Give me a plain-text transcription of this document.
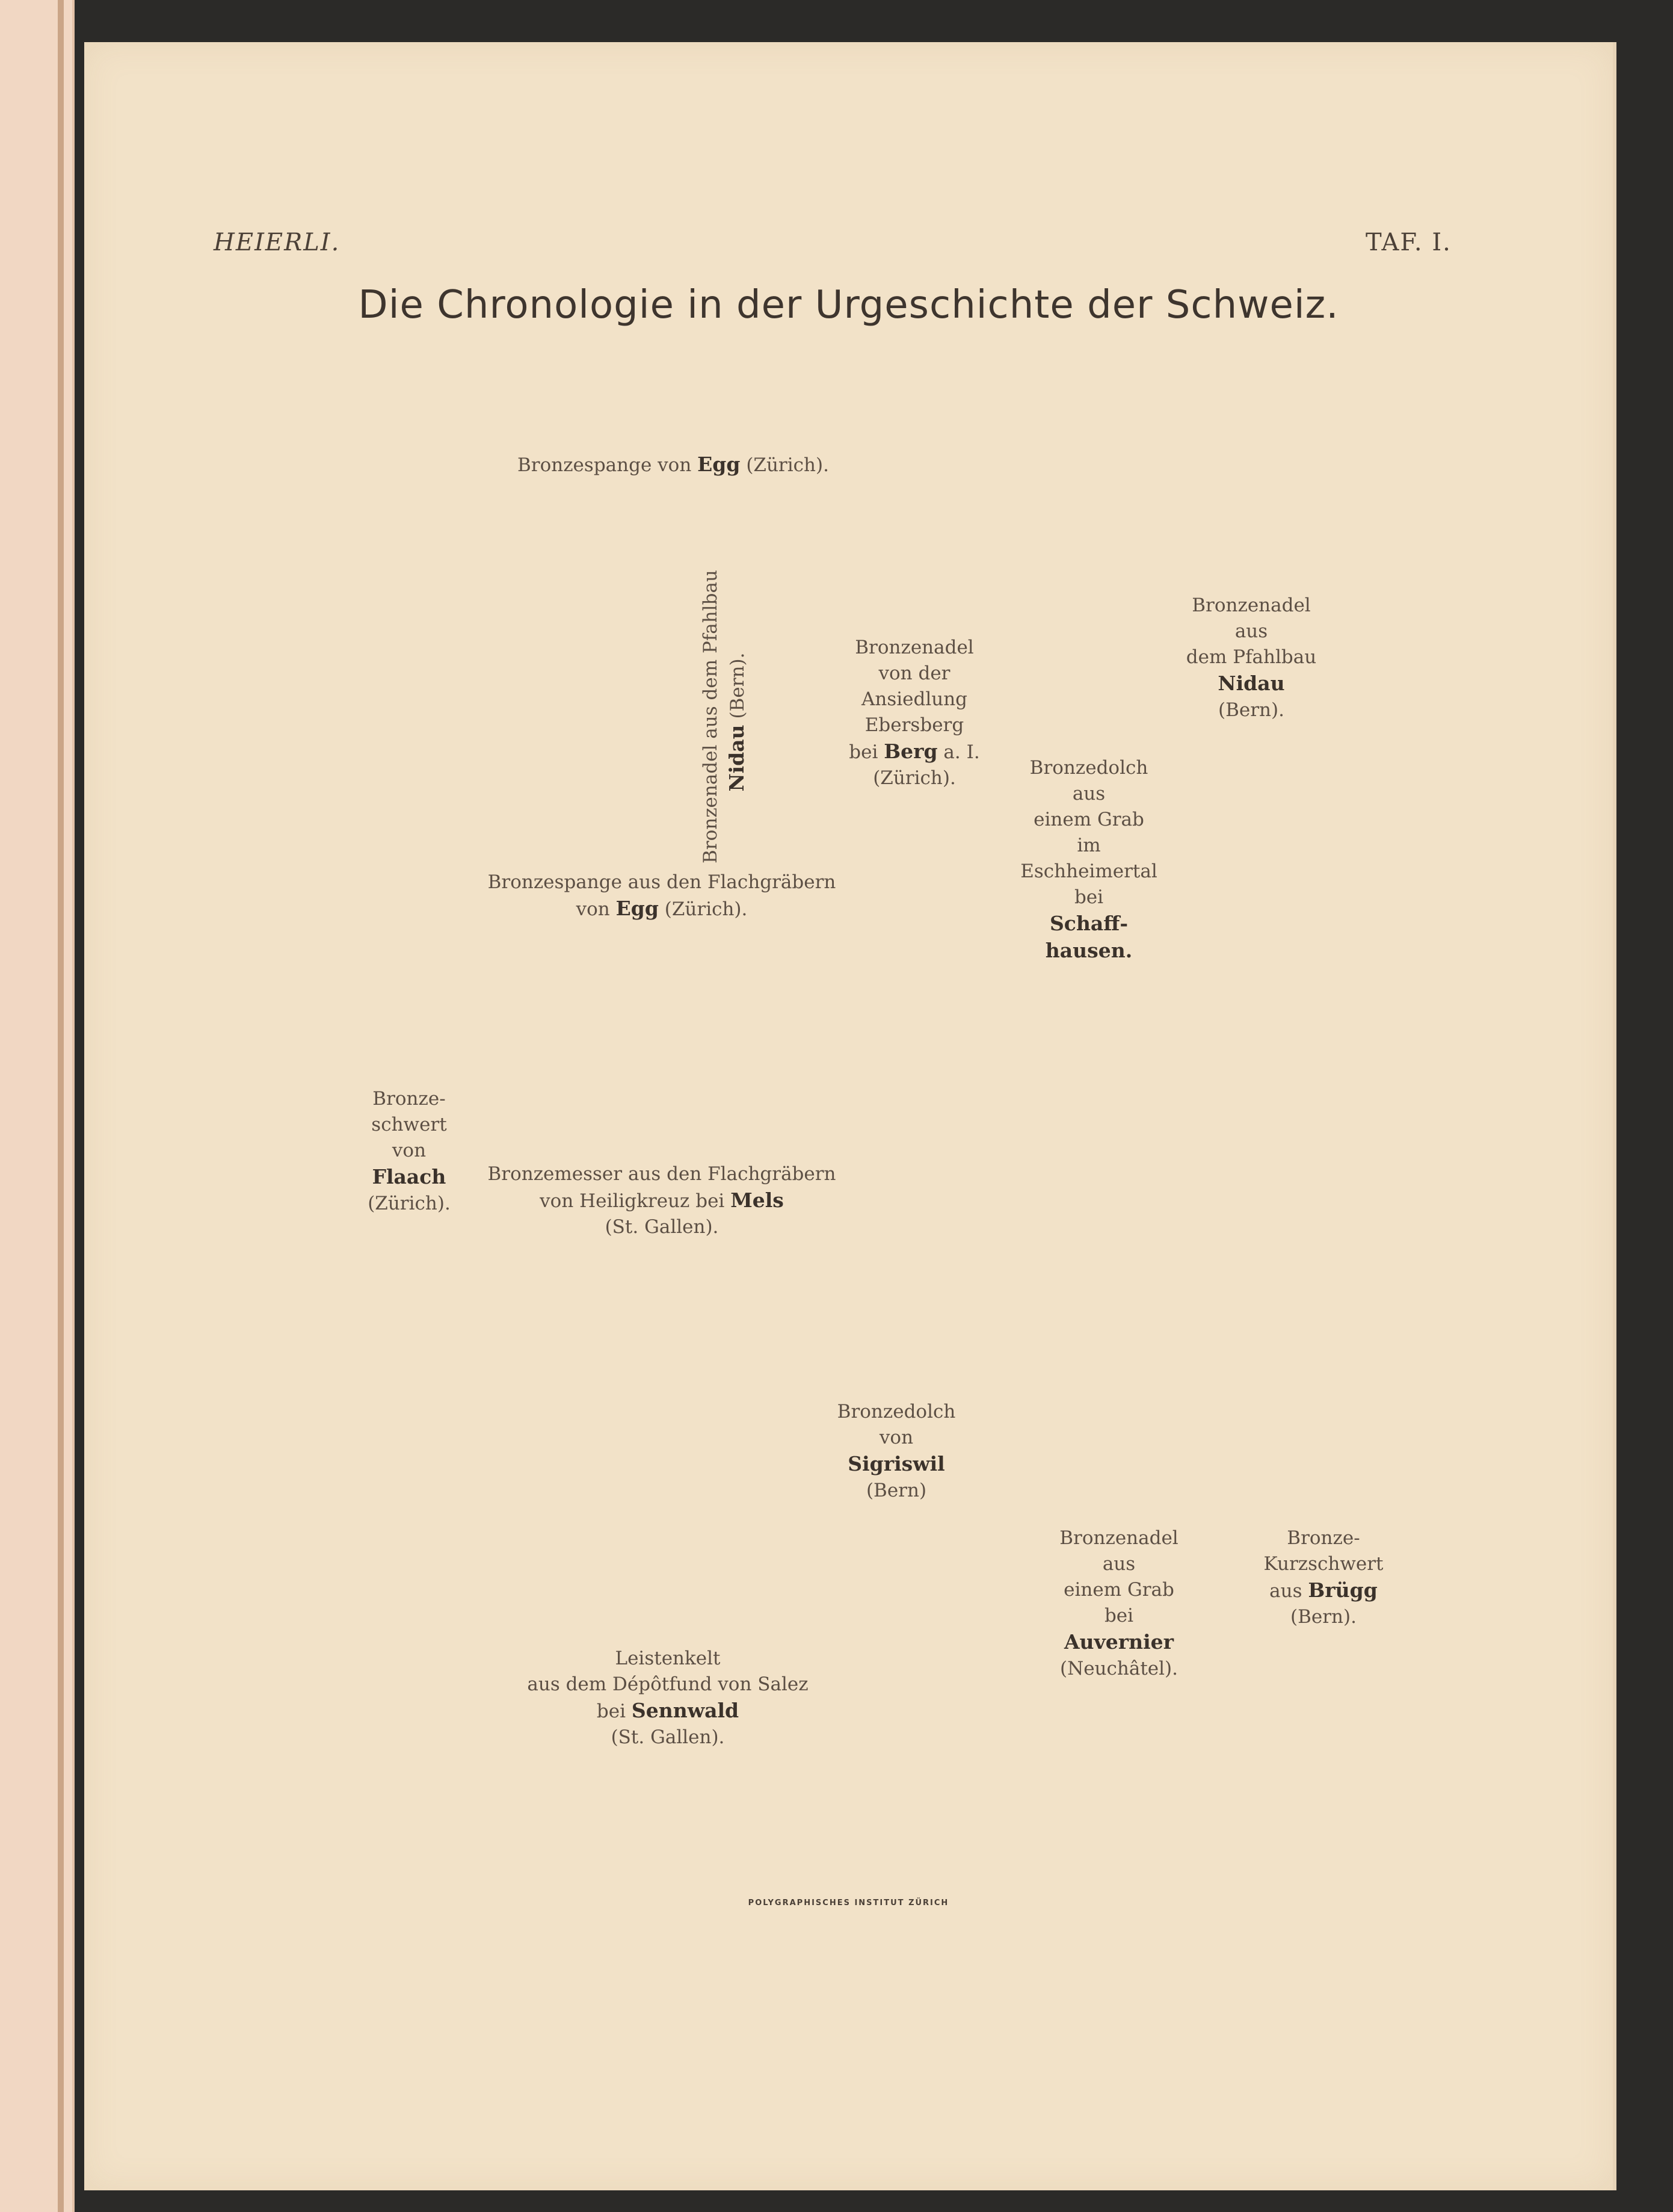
HEIERLI.	TAF. I.
Die Chronologie in der Urgeschichte der Schweiz.
Bronzespange von Egg (Zürich).
Bronzenadel aus dem Pfahlbau Nidau (Bern).
Bronzenadel
von der
Ansiedlung
Ebersberg
bei Berg a. I.
(Zürich).
Bronzenadel
aus
dem Pfahlbau
Nidau
(Bern).
Bronzedolch
aus
einem Grab
im
Eschheimertal
bei
Schaff-
hausen.
Bronzespange aus den Flachgräbern
von Egg (Zürich).
Bronze-
schwert
von
Flaach
(Zürich).
Bronzemesser aus den Flachgräbern
von Heiligkreuz bei Mels
(St. Gallen).
Bronzedolch
von
Sigriswil
(Bern)
Bronzenadel
aus
einem Grab
bei
Auvernier
(Neuchâtel).
Bronze-
Kurzschwert
aus Brügg
(Bern).
Leistenkelt
aus dem Dépôtfund von Salez
bei Sennwald
(St. Gallen).
POLYGRAPHISCHES INSTITUT ZÜRICH
